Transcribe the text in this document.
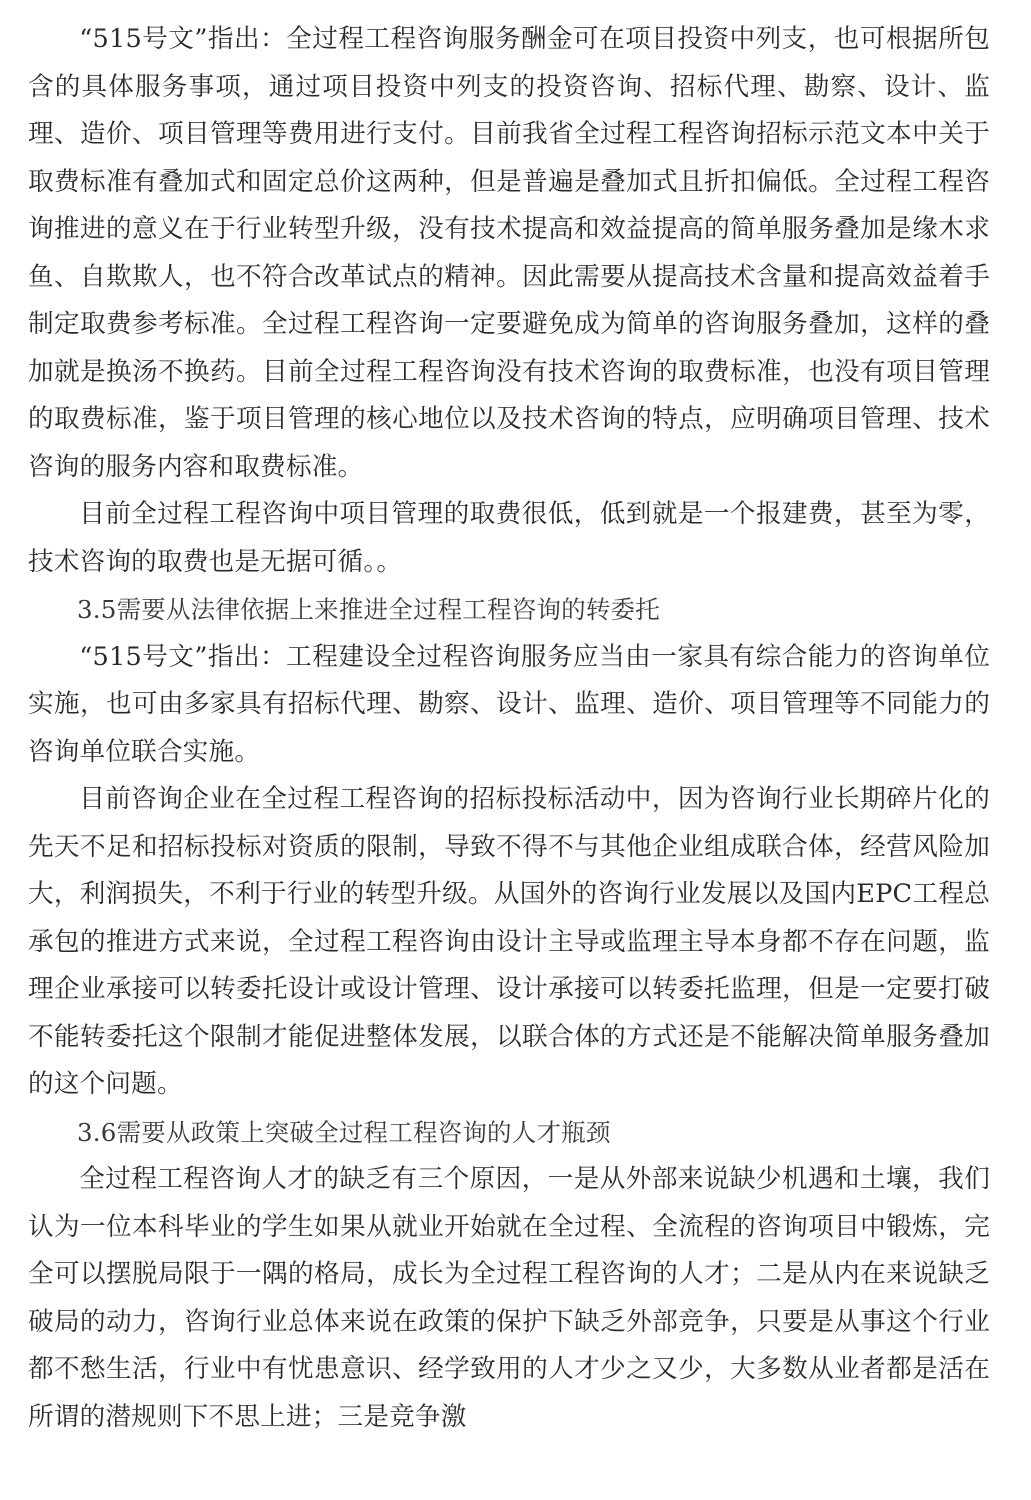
“515号文”指出：全过程工程咨询服务酬金可在项目投资中列支，也可根据所包含的具体服务事项，通过项目投资中列支的投资咨询、招标代理、勘察、设计、监理、造价、项目管理等费用进行支付。目前我省全过程工程咨询招标示范文本中关于取费标准有叠加式和固定总价这两种，但是普遍是叠加式且折扣偏低。全过程工程咨询推进的意义在于行业转型升级，没有技术提高和效益提高的简单服务叠加是缘木求鱼、自欺欺人，也不符合改革试点的精神。因此需要从提高技术含量和提高效益着手制定取费参考标准。全过程工程咨询一定要避免成为简单的咨询服务叠加，这样的叠加就是换汤不换药。目前全过程工程咨询没有技术咨询的取费标准，也没有项目管理的取费标准，鉴于项目管理的核心地位以及技术咨询的特点，应明确项目管理、技术咨询的服务内容和取费标准。

目前全过程工程咨询中项目管理的取费很低，低到就是一个报建费，甚至为零，技术咨询的取费也是无据可循。。

3.5需要从法律依据上来推进全过程工程咨询的转委托

“515号文”指出：工程建设全过程咨询服务应当由一家具有综合能力的咨询单位实施，也可由多家具有招标代理、勘察、设计、监理、造价、项目管理等不同能力的咨询单位联合实施。

目前咨询企业在全过程工程咨询的招标投标活动中，因为咨询行业长期碎片化的先天不足和招标投标对资质的限制，导致不得不与其他企业组成联合体，经营风险加大，利润损失，不利于行业的转型升级。从国外的咨询行业发展以及国内EPC工程总承包的推进方式来说，全过程工程咨询由设计主导或监理主导本身都不存在问题，监理企业承接可以转委托设计或设计管理、设计承接可以转委托监理，但是一定要打破不能转委托这个限制才能促进整体发展，以联合体的方式还是不能解决简单服务叠加的这个问题。

3.6需要从政策上突破全过程工程咨询的人才瓶颈

全过程工程咨询人才的缺乏有三个原因，一是从外部来说缺少机遇和土壤，我们认为一位本科毕业的学生如果从就业开始就在全过程、全流程的咨询项目中锻炼，完全可以摆脱局限于一隅的格局，成长为全过程工程咨询的人才；二是从内在来说缺乏破局的动力，咨询行业总体来说在政策的保护下缺乏外部竞争，只要是从事这个行业都不愁生活，行业中有忧患意识、经学致用的人才少之又少，大多数从业者都是活在所谓的潜规则下不思上进；三是竞争激
